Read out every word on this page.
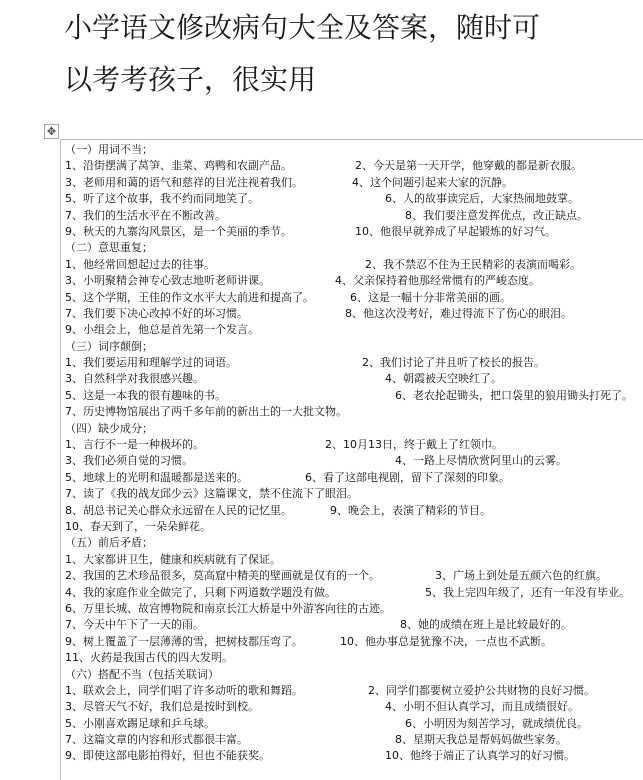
小学语文修改病句大全及答案，随时可
以考考孩子，很实用
✥
（一）用词不当；
1、沿街摆满了莴笋、韭菜、鸡鸭和农副产品。	2、今天是第一天开学，他穿戴的都是新衣服。
3、老师用和蔼的语气和慈祥的目光注视着我们。	4、这个问题引起来大家的沉静。
5、听了这个故事，我不约而同地笑了。	6、人的故事读完后，大家热闹地鼓掌。
7、我们的生活水平在不断改善。	8、我们要注意发挥优点，改正缺点。
9、秋天的九寨沟风景区，是一个美丽的季节。	10、他很早就养成了早起锻炼的好习气。
（二）意思重复；
1、他经常回想起过去的往事。	2、我不禁忍不住为王民精彩的表演而喝彩。
3、小明聚精会神专心致志地听老师讲课。	4、父亲保持着他那经常惯有的严峻态度。
5、这个学期，王佳的作文水平大大前进和提高了。	6、这是一幅十分非常美丽的画。
7、我们要下决心改掉不好的坏习惯。	8、他这次没考好，难过得流下了伤心的眼泪。
9、小组会上，他总是首先第一个发言。
（三）词序颠倒；
1、我们要运用和理解学过的词语。	2、我们讨论了并且听了校长的报告。
3、自然科学对我很感兴趣。	4、朝霞被天空映红了。
5、这是一本我的很有趣味的书。	6、老农抡起锄头，把口袋里的狼用锄头打死了。
7、历史博物馆展出了两千多年前的新出土的一大批文物。
（四）缺少成分；
1、言行不一是一种极坏的。	2、10月13日，终于戴上了红领巾。
3、我们必须自觉的习惯。	4、一路上尽情欣赏阿里山的云雾。
5、地球上的光明和温暖都是送来的。	6、看了这部电视剧，留下了深刻的印象。
7、读了《我的战友邱少云》这篇课文，禁不住流下了眼泪。
8、胡总书记关心群众永远留在人民的记忆里。	9、晚会上，表演了精彩的节目。
10、春天到了，一朵朵鲜花。
（五）前后矛盾；
1、大家都讲卫生，健康和疾病就有了保证。
2、我国的艺术珍品很多，莫高窟中精美的壁画就是仅有的一个。	3、广场上到处是五颜六色的红旗。
4、我的家庭作业全做完了，只剩下两道数学题没有做。	5、我上完四年级了，还有一年没有毕业。
6、万里长城、故宫博物院和南京长江大桥是中外游客向往的古迹。
7、今天中午下了一天的雨。	8、她的成绩在班上是比较最好的。
9、树上覆盖了一层薄薄的雪，把树枝都压弯了。	10、他办事总是犹豫不决，一点也不武断。
11、火药是我国古代的四大发明。
（六）搭配不当（包括关联词）
1、联欢会上，同学们唱了许多动听的歌和舞蹈。	2、同学们都要树立爱护公共财物的良好习惯。
3、尽管天气不好，我们总是按时到校。	4、小明不但认真学习，而且成绩很好。
5、小刚喜欢踢足球和乒乓球。	6、小明因为刻苦学习，就成绩优良。
7、这篇文章的内容和形式都很丰富。	8、星期天我总是帮妈妈做些家务。
9、即使这部电影拍得好，但也不能获奖。	10、他终于端正了认真学习的好习惯。
